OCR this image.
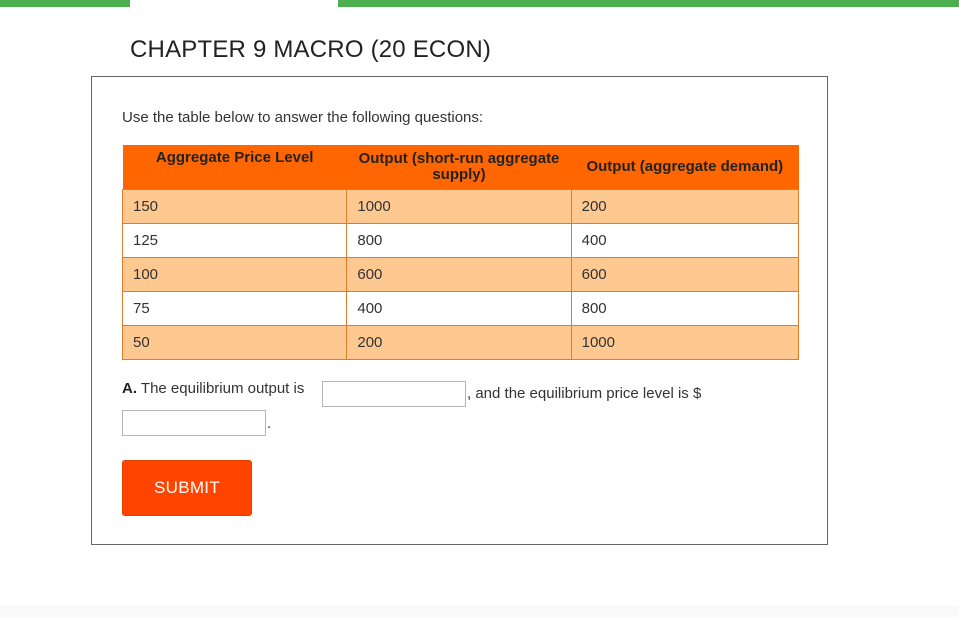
CHAPTER 9 MACRO (20 ECON)
Use the table below to answer the following questions:
Aggregate Price Level	Output (short-run aggregate supply)	Output (aggregate demand)
150	1000	200
125	800	400
100	600	600
75	400	800
50	200	1000
A. The equilibrium output is	, and the equilibrium price level is $
.
SUBMIT
